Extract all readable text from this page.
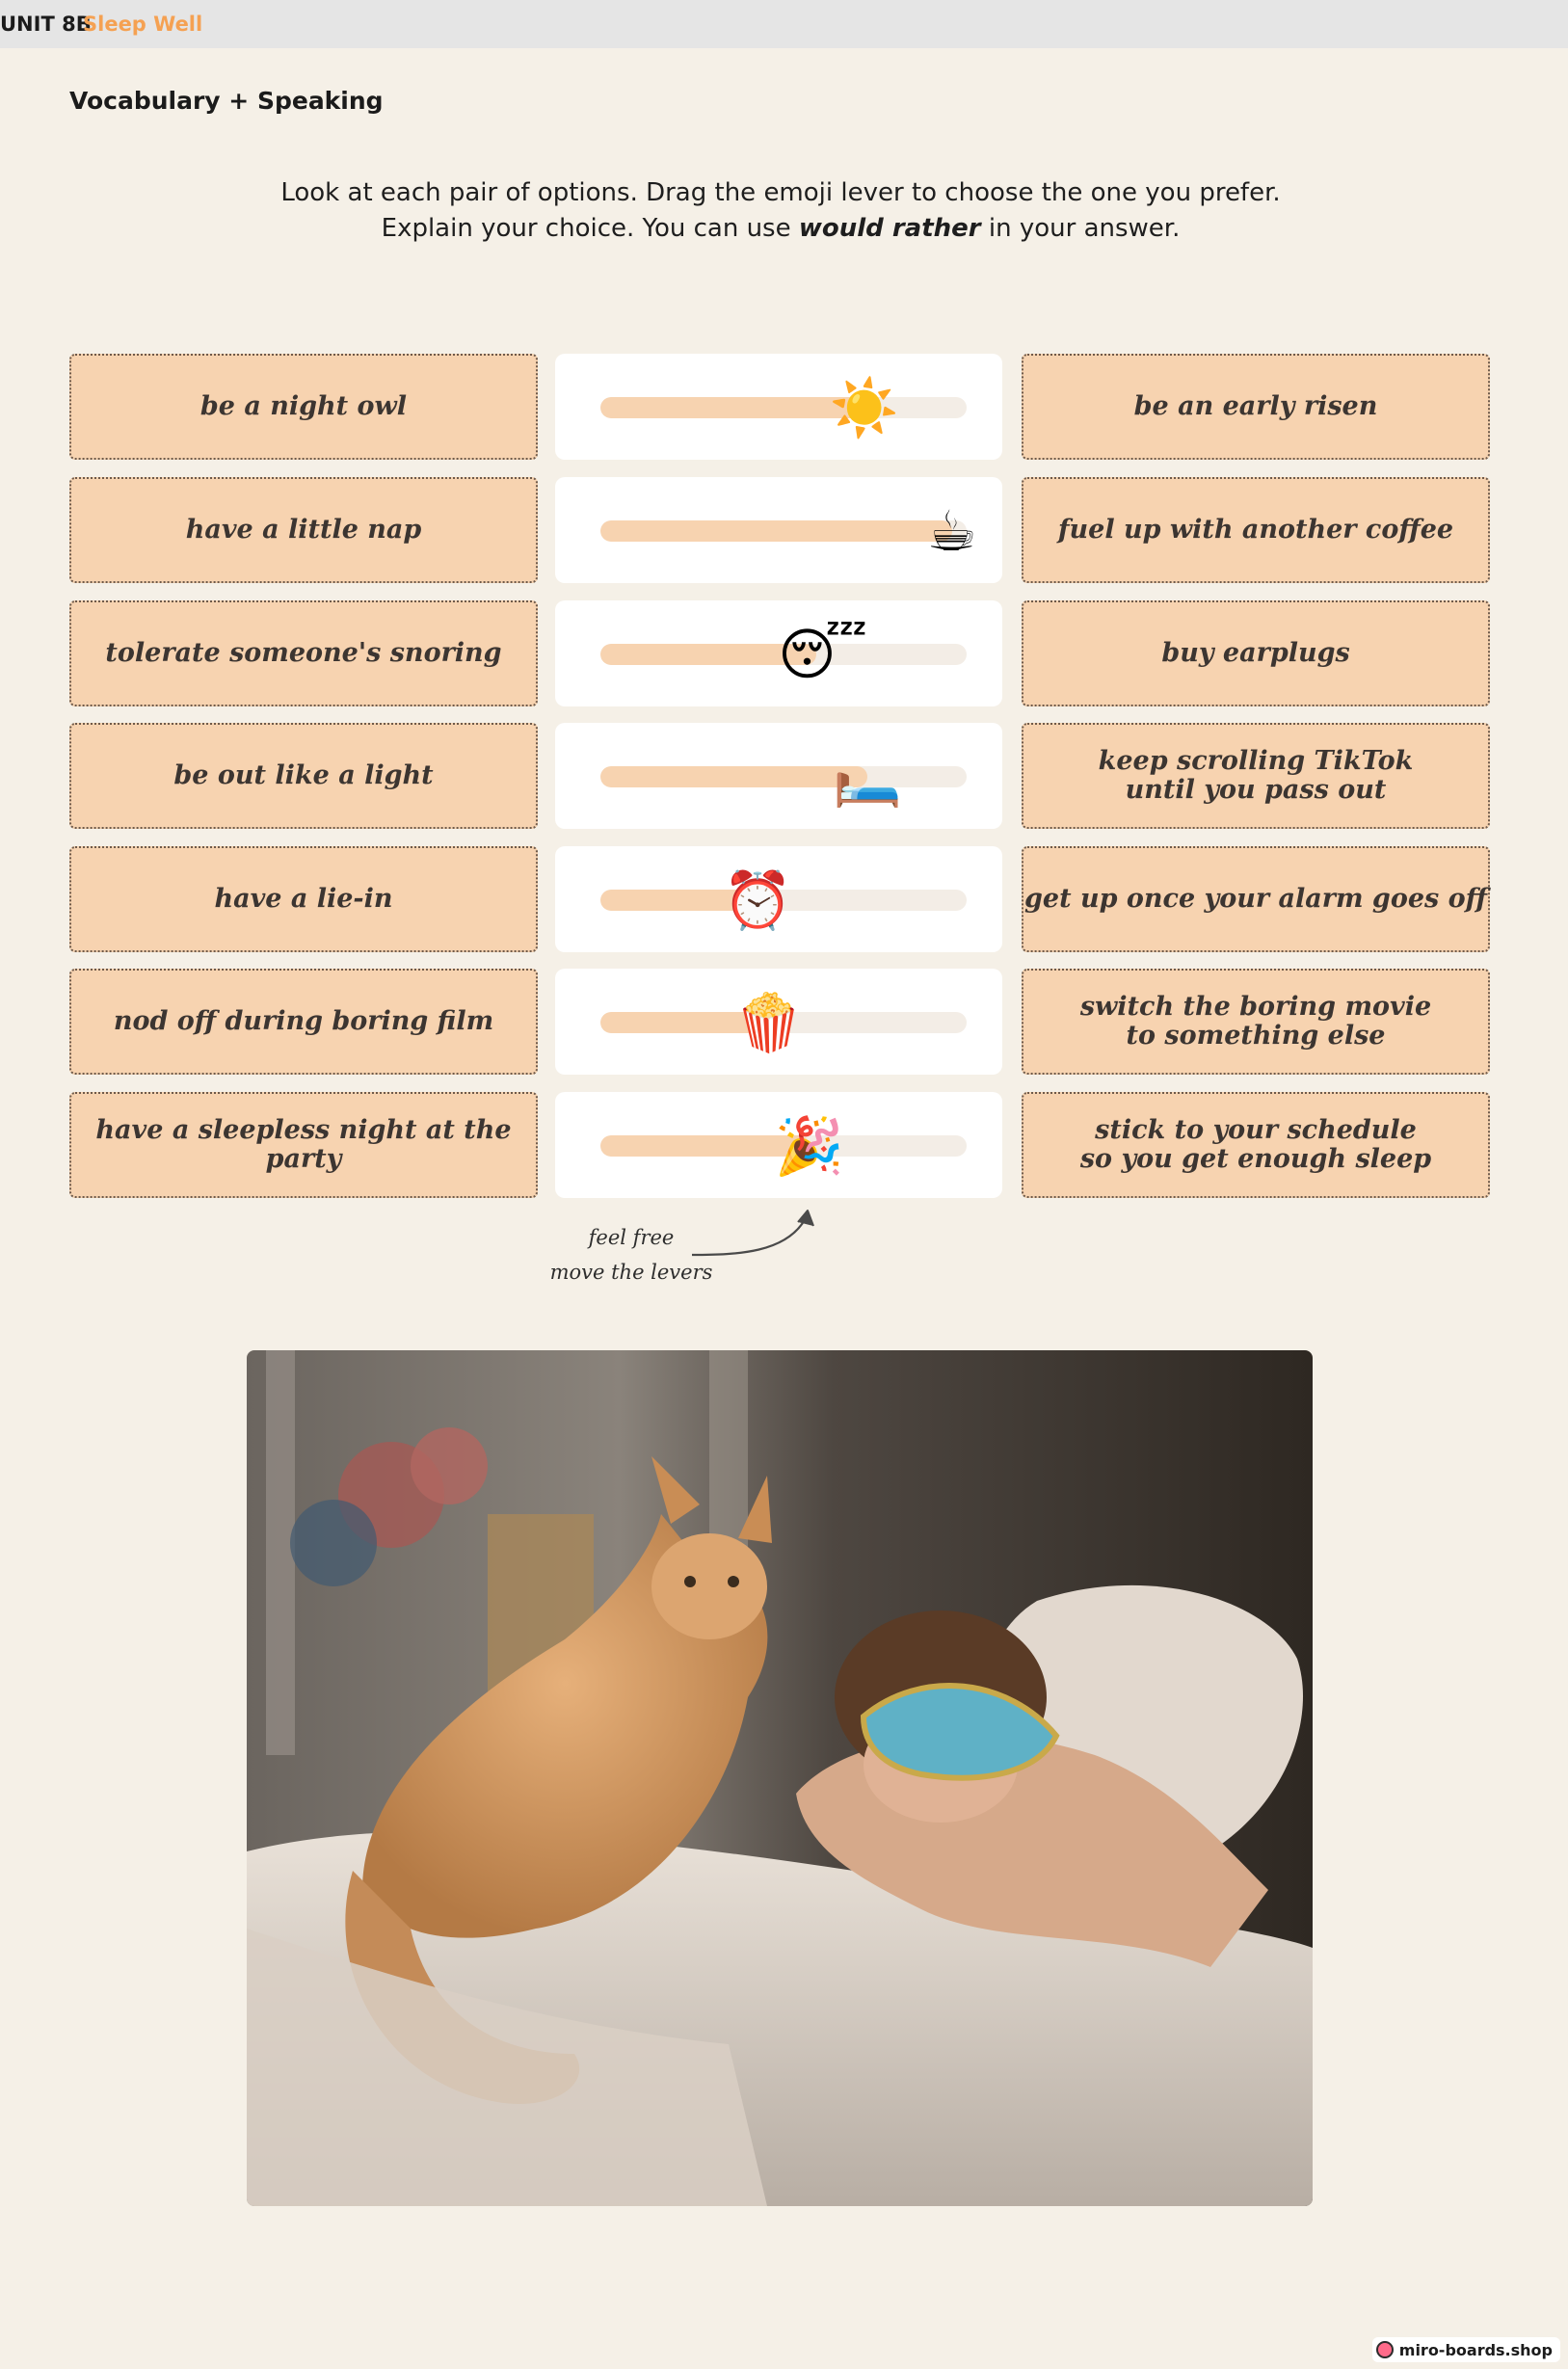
UNIT 8B
Sleep Well
Vocabulary + Speaking
Look at each pair of options. Drag the emoji lever to choose the one you prefer.
Explain your choice. You can use would rather in your answer.
be a night owl	☀️	be an early risen
have a little nap	☕	fuel up with another coffee
tolerate someone's snoring	😴	buy earplugs
be out like a light	🛏️	keep scrolling TikTok
until you pass out
have a lie-in	⏰	get up once your alarm goes off
nod off during boring film	🍿	switch the boring movie
to something else
have a sleepless night at the party	🎉	stick to your schedule
so you get enough sleep
feel free
move the levers
miro-boards.shop
